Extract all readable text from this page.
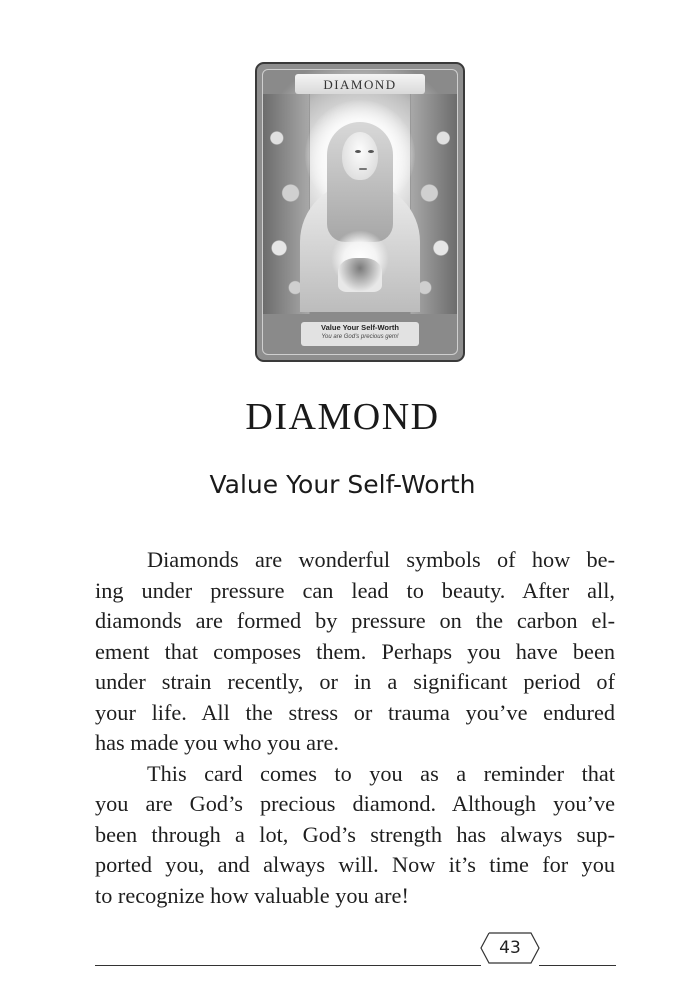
DIAMOND
Value Your Self-Worth
You are God's precious gem!
DIAMOND
Value Your Self-Worth
Diamonds are wonderful symbols of how be-
ing under pressure can lead to beauty. After all,
diamonds are formed by pressure on the carbon el-
ement that composes them. Perhaps you have been
under strain recently, or in a significant period of
your life. All the stress or trauma you’ve endured
has made you who you are.
This card comes to you as a reminder that
you are God’s precious diamond. Although you’ve
been through a lot, God’s strength has always sup-
ported you, and always will. Now it’s time for you
to recognize how valuable you are!
43
